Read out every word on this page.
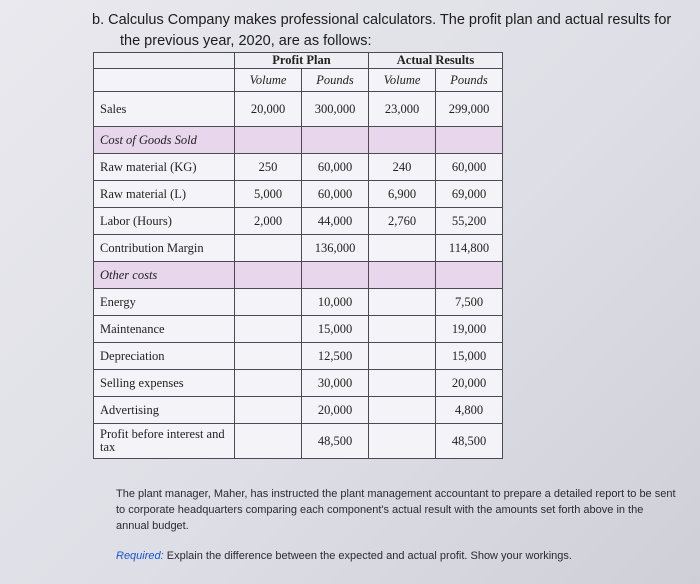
b. Calculus Company makes professional calculators. The profit plan and actual results for
the previous year, 2020, are as follows:
	Profit Plan		Actual Results	
	Volume	Pounds	Volume	Pounds
Sales	20,000	300,000	23,000	299,000
Cost of Goods Sold				
Raw material (KG)	250	60,000	240	60,000
Raw material (L)	5,000	60,000	6,900	69,000
Labor (Hours)	2,000	44,000	2,760	55,200
Contribution Margin		136,000		114,800
Other costs				
Energy		10,000		7,500
Maintenance		15,000		19,000
Depreciation		12,500		15,000
Selling expenses		30,000		20,000
Advertising		20,000		4,800
Profit before interest and tax		48,500		48,500
The plant manager, Maher, has instructed the plant management accountant to prepare a detailed report to be sent to corporate headquarters comparing each component's actual result with the amounts set forth above in the annual budget.
Required: Explain the difference between the expected and actual profit. Show your workings.
